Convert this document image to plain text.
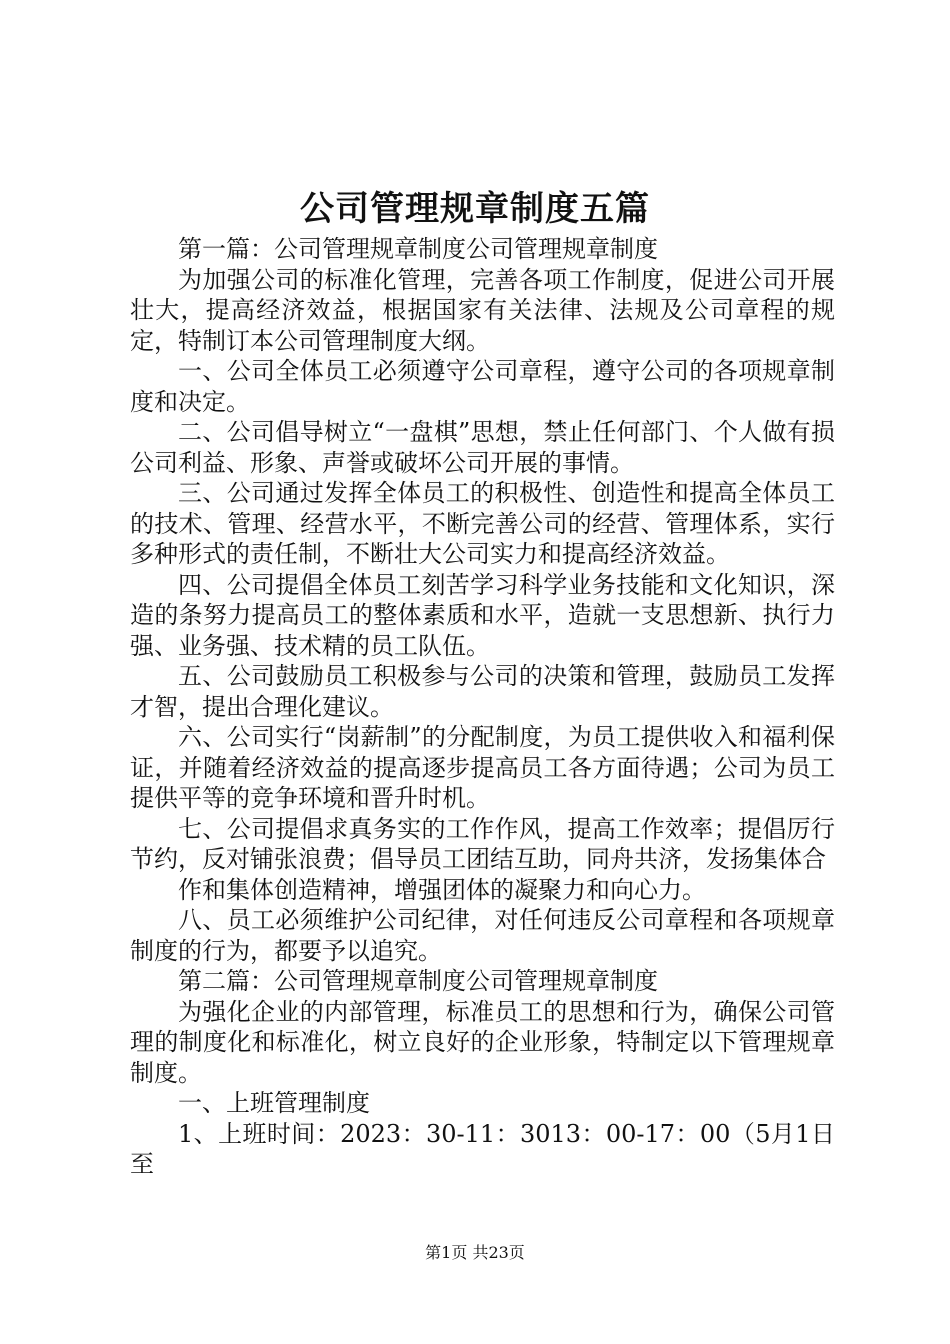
公司管理规章制度五篇

第一篇：公司管理规章制度公司管理规章制度

为加强公司的标准化管理，完善各项工作制度，促进公司开展壮大，提高经济效益，根据国家有关法律、法规及公司章程的规定，特制订本公司管理制度大纲。

一、公司全体员工必须遵守公司章程，遵守公司的各项规章制度和决定。

二、公司倡导树立“一盘棋”思想，禁止任何部门、个人做有损公司利益、形象、声誉或破坏公司开展的事情。

三、公司通过发挥全体员工的积极性、创造性和提高全体员工的技术、管理、经营水平，不断完善公司的经营、管理体系，实行多种形式的责任制，不断壮大公司实力和提高经济效益。

四、公司提倡全体员工刻苦学习科学业务技能和文化知识，深造的条努力提高员工的整体素质和水平，造就一支思想新、执行力强、业务强、技术精的员工队伍。

五、公司鼓励员工积极参与公司的决策和管理，鼓励员工发挥才智，提出合理化建议。

六、公司实行“岗薪制”的分配制度，为员工提供收入和福利保证，并随着经济效益的提高逐步提高员工各方面待遇；公司为员工提供平等的竞争环境和晋升时机。

七、公司提倡求真务实的工作作风，提高工作效率；提倡厉行节约，反对铺张浪费；倡导员工团结互助，同舟共济，发扬集体合

作和集体创造精神，增强团体的凝聚力和向心力。

八、员工必须维护公司纪律，对任何违反公司章程和各项规章制度的行为，都要予以追究。

第二篇：公司管理规章制度公司管理规章制度

为强化企业的内部管理，标准员工的思想和行为，确保公司管理的制度化和标准化，树立良好的企业形象，特制定以下管理规章制度。

一、上班管理制度

1、上班时间：2023：30-11：3013：00-17：00（5月1日至

第1页 共23页
